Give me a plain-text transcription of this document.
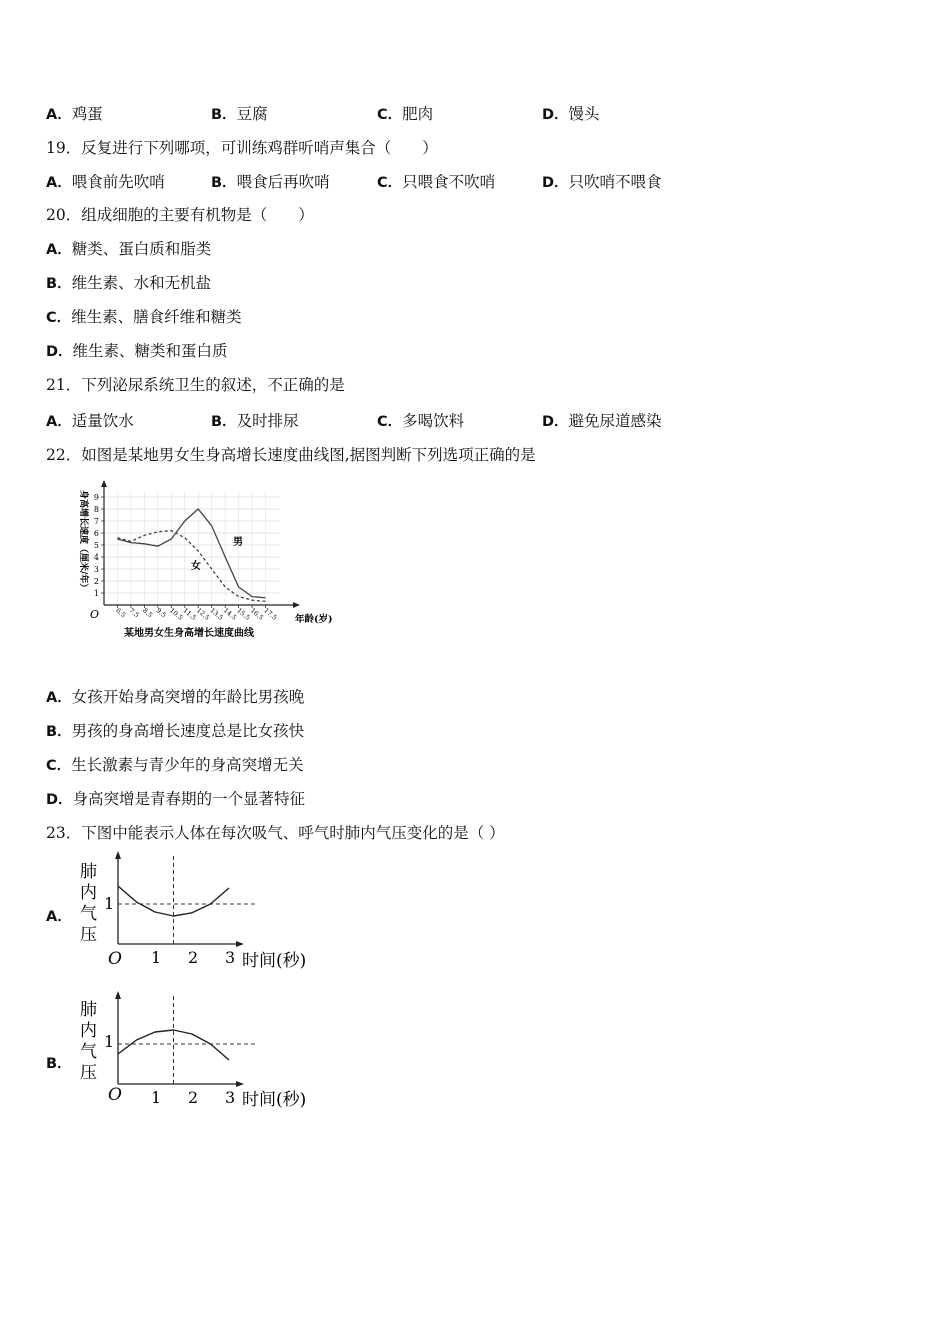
A．鸡蛋	B．豆腐	C．肥肉	D．馒头
19．反复进行下列哪项，可训练鸡群听哨声集合（　　）
A．喂食前先吹哨	B．喂食后再吹哨	C．只喂食不吹哨	D．只吹哨不喂食
20．组成细胞的主要有机物是（　　）
A．糖类、蛋白质和脂类
B．维生素、水和无机盐
C．维生素、膳食纤维和糖类
D．维生素、糖类和蛋白质
21．下列泌尿系统卫生的叙述，不正确的是
A．适量饮水	B．及时排尿	C．多喝饮料	D．避免尿道感染
22．如图是某地男女生身高增长速度曲线图,据图判断下列选项正确的是
1
2
3
4
5
6
7
8
9
6.5 7.5 8.5 9.5 10.5
11.5
12.5
13.5
14.5
15.5
16.5
17.5
O
身高增长速度（厘米/年）
年龄(岁)
男
女
某地男女生身高增长速度曲线
A．女孩开始身高突增的年龄比男孩晚
B．男孩的身高增长速度总是比女孩快
C．生长激素与青少年的身高突增无关
D．身高突增是青春期的一个显著特征
23．下图中能表示人体在每次吸气、呼气时肺内气压变化的是（ ）
A．
1 2 3
1
O	时间(秒)
肺
内
气
压
B．
1 2 3
1
O	时间(秒)
肺
内
气
压
